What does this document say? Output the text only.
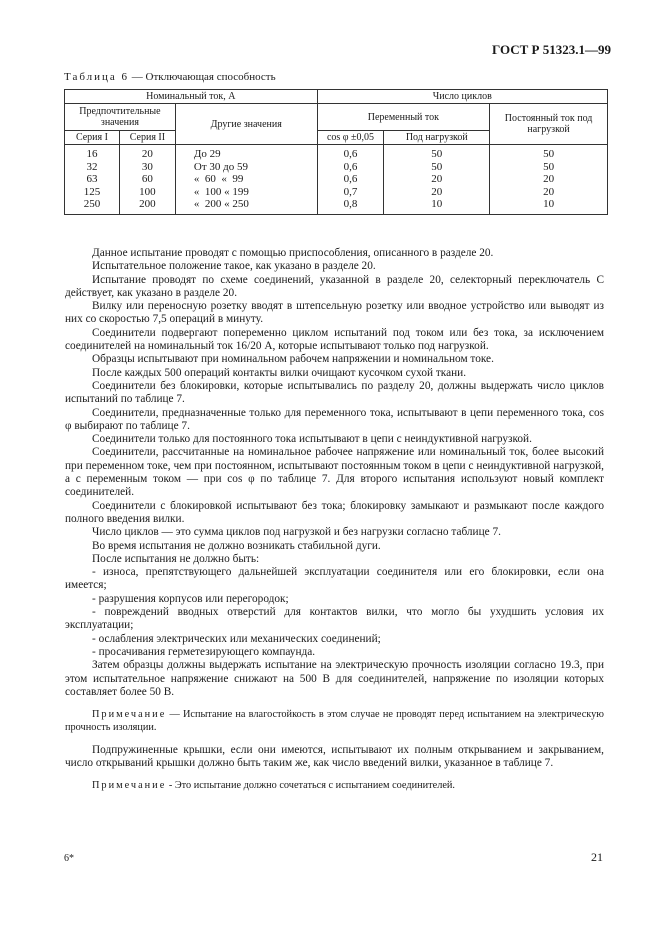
ГОСТ Р 51323.1—99
Таблица 6 — Отключающая способность
Номинальный ток, А			Число циклов		
Предпочтительные значения		Другие значения	Переменный ток		Постоянный ток под нагрузкой
Серия I	Серия II		cos φ ±0,05	Под нагрузкой	
16	20	До 29	0,6	50	50
32	30	От 30 до 59	0,6	50	50
63	60	«  60  «  99	0,6	20	20
125	100	«  100 « 199	0,7	20	20
250	200	«  200 « 250	0,8	10	10

Данное испытание проводят с помощью приспособления, описанного в разделе 20.

Испытательное положение такое, как указано в разделе 20.

Испытание проводят по схеме соединений, указанной в разделе 20, селекторный переключатель С действует, как указано в разделе 20.

Вилку или переносную розетку вводят в штепсельную розетку или вводное устройство или выводят из них со скоростью 7,5 операций в минуту.

Соединители подвергают попеременно циклом испытаний под током или без тока, за исключением соединителей на номинальный ток 16/20 А, которые испытывают только под нагрузкой.

Образцы испытывают при номинальном рабочем напряжении и номинальном токе.

После каждых 500 операций контакты вилки очищают кусочком сухой ткани.

Соединители без блокировки, которые испытывались по разделу 20, должны выдержать число циклов испытаний по таблице 7.

Соединители, предназначенные только для переменного тока, испытывают в цепи переменного тока, cos φ выбирают по таблице 7.

Соединители только для постоянного тока испытывают в цепи с неиндуктивной нагрузкой.

Соединители, рассчитанные на номинальное рабочее напряжение или номинальный ток, более высокий при переменном токе, чем при постоянном, испытывают постоянным током в цепи с неиндуктивной нагрузкой, а с переменным током — при cos φ по таблице 7. Для второго испытания используют новый комплект соединителей.

Соединители с блокировкой испытывают без тока; блокировку замыкают и размыкают после каждого полного введения вилки.

Число циклов — это сумма циклов под нагрузкой и без нагрузки согласно таблице 7.

Во время испытания не должно возникать стабильной дуги.

После испытания не должно быть:

- износа, препятствующего дальнейшей эксплуатации соединителя или его блокировки, если она имеется;

- разрушения корпусов или перегородок;

- повреждений вводных отверстий для контактов вилки, что могло бы ухудшить условия их эксплуатации;

- ослабления электрических или механических соединений;

- просачивания герметезирующего компаунда.

Затем образцы должны выдержать испытание на электрическую прочность изоляции согласно 19.3, при этом испытательное напряжение снижают на 500 В для соединителей, напряжение по изоляции которых составляет более 50 В.

Примечание — Испытание на влагостойкость в этом случае не проводят перед испытанием на электрическую прочность изоляции.

Подпружиненные крышки, если они имеются, испытывают их полным открыванием и закрыванием, число открываний крышки должно быть таким же, как число введений вилки, указанное в таблице 7.

Примечание - Это испытание должно сочетаться с испытанием соединителей.

6*	21
